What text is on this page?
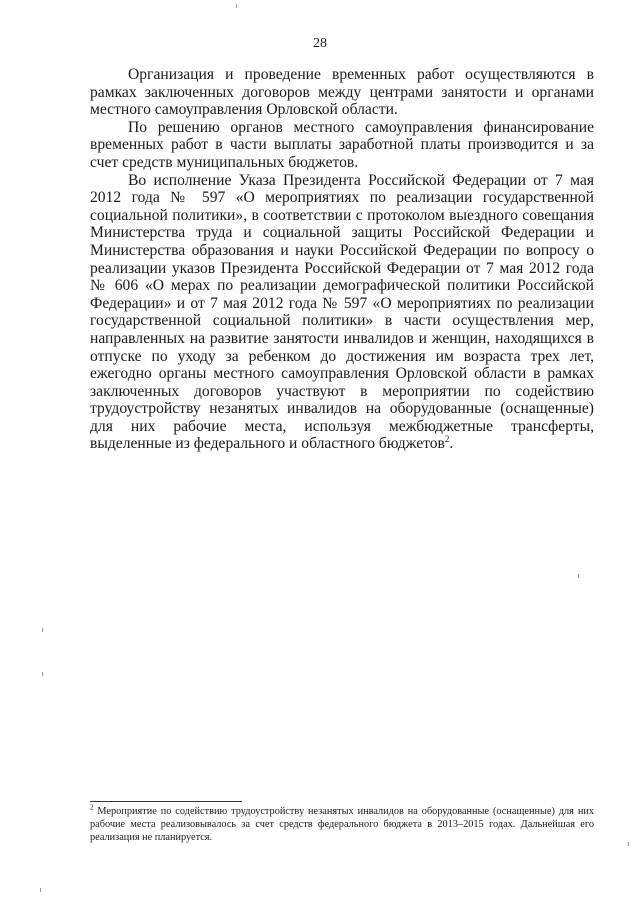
28

Организация и проведение временных работ осуществляются в рамках заключенных договоров между центрами занятости и органами местного самоуправления Орловской области.

По решению органов местного самоуправления финансирование временных работ в части выплаты заработной платы производится и за счет средств муниципальных бюджетов.

Во исполнение Указа Президента Российской Федерации от 7 мая 2012 года № 597 «О мероприятиях по реализации государственной социальной политики», в соответствии с протоколом выездного совещания Министерства труда и социальной защиты Российской Федерации и Министерства образования и науки Российской Федерации по вопросу о реализации указов Президента Российской Федерации от 7 мая 2012 года № 606 «О мерах по реализации демографической политики Российской Федерации» и от 7 мая 2012 года № 597 «О мероприятиях по реализации государственной социальной политики» в части осуществления мер, направленных на развитие занятости инвалидов и женщин, находящихся в отпуске по уходу за ребенком до достижения им возраста трех лет, ежегодно органы местного самоуправления Орловской области в рамках заключенных договоров участвуют в мероприятии по содействию трудоустройству незанятых инвалидов на оборудованные (оснащенные) для них рабочие места, используя межбюджетные трансферты, выделенные из федерального и областного бюджетов$^2$.

$^2$ Мероприятие по содействию трудоустройству незанятых инвалидов на оборудованные (оснащенные) для них рабочие места реализовывалось за счет средств федерального бюджета в 2013–2015 годах. Дальнейшая его реализация не планируется.
